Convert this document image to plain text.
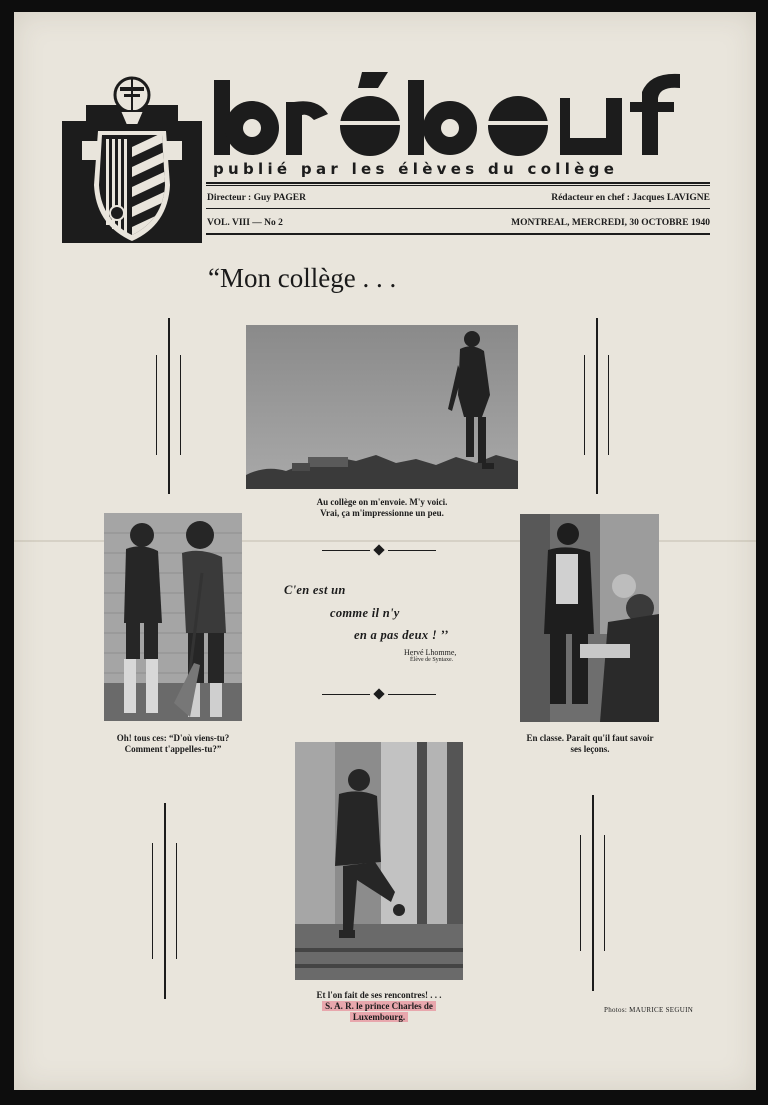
publié par les élèves du collège
Directeur : Guy PAGER	Rédacteur en chef : Jacques LAVIGNE
VOL. VIII — No 2	MONTREAL, MERCREDI, 30 OCTOBRE 1940
“Mon collège . . .
Au collège on m'envoie. M'y voici.
Vrai, ça m'impressionne un peu.
Oh! tous ces: “D'où viens-tu?
Comment t'appelles-tu?”
En classe. Paraît qu'il faut savoir
ses leçons.
Et l'on fait de ses rencontres! . . .
S. A. R. le prince Charles de
Luxembourg.
C'en est un
comme il n'y
en a pas deux ! ’’
Hervé Lhomme,
Élève de Syntaxe.
Photos: MAURICE SEGUIN
